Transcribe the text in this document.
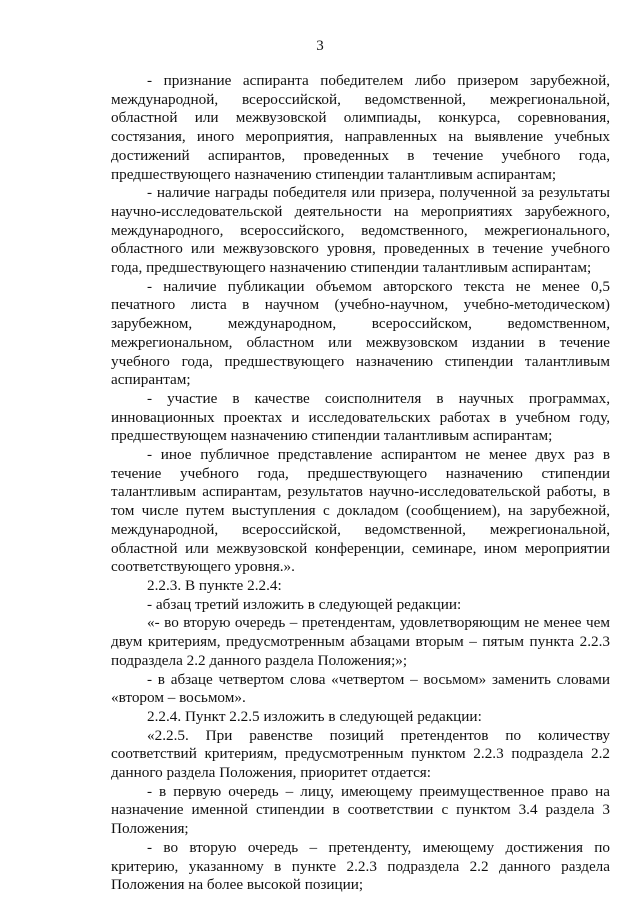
3

- признание аспиранта победителем либо призером зарубежной, международной, всероссийской, ведомственной, межрегиональной, областной или межвузовской олимпиады, конкурса, соревнования, состязания, иного мероприятия, направленных на выявление учебных достижений аспирантов, проведенных в течение учебного года, предшествующего назначению стипендии талантливым аспирантам;

- наличие награды победителя или призера, полученной за результаты научно-исследовательской деятельности на мероприятиях зарубежного, международного, всероссийского, ведомственного, межрегионального, областного или межвузовского уровня, проведенных в течение учебного года, предшествующего назначению стипендии талантливым аспирантам;

- наличие публикации объемом авторского текста не менее 0,5 печатного листа в научном (учебно-научном, учебно-методическом) зарубежном, международном, всероссийском, ведомственном, межрегиональном, областном или межвузовском издании в течение учебного года, предшествующего назначению стипендии талантливым аспирантам;

- участие в качестве соисполнителя в научных программах, инновационных проектах и исследовательских работах в учебном году, предшествующем назначению стипендии талантливым аспирантам;

- иное публичное представление аспирантом не менее двух раз в течение учебного года, предшествующего назначению стипендии талантливым аспирантам, результатов научно-исследовательской работы, в том числе путем выступления с докладом (сообщением), на зарубежной, международной, всероссийской, ведомственной, межрегиональной, областной или межвузовской конференции, семинаре, ином мероприятии соответствующего уровня.».

2.2.3. В пункте 2.2.4:

- абзац третий изложить в следующей редакции:

«- во вторую очередь – претендентам, удовлетворяющим не менее чем двум критериям, предусмотренным абзацами вторым – пятым пункта 2.2.3 подраздела 2.2 данного раздела Положения;»;

- в абзаце четвертом слова «четвертом – восьмом» заменить словами «втором – восьмом».

2.2.4. Пункт 2.2.5 изложить в следующей редакции:

«2.2.5. При равенстве позиций претендентов по количеству соответствий критериям, предусмотренным пунктом 2.2.3 подраздела 2.2 данного раздела Положения, приоритет отдается:

- в первую очередь – лицу, имеющему преимущественное право на назначение именной стипендии в соответствии с пунктом 3.4 раздела 3 Положения;

- во вторую очередь – претенденту, имеющему достижения по критерию, указанному в пункте 2.2.3 подраздела 2.2 данного раздела Положения на более высокой позиции;
